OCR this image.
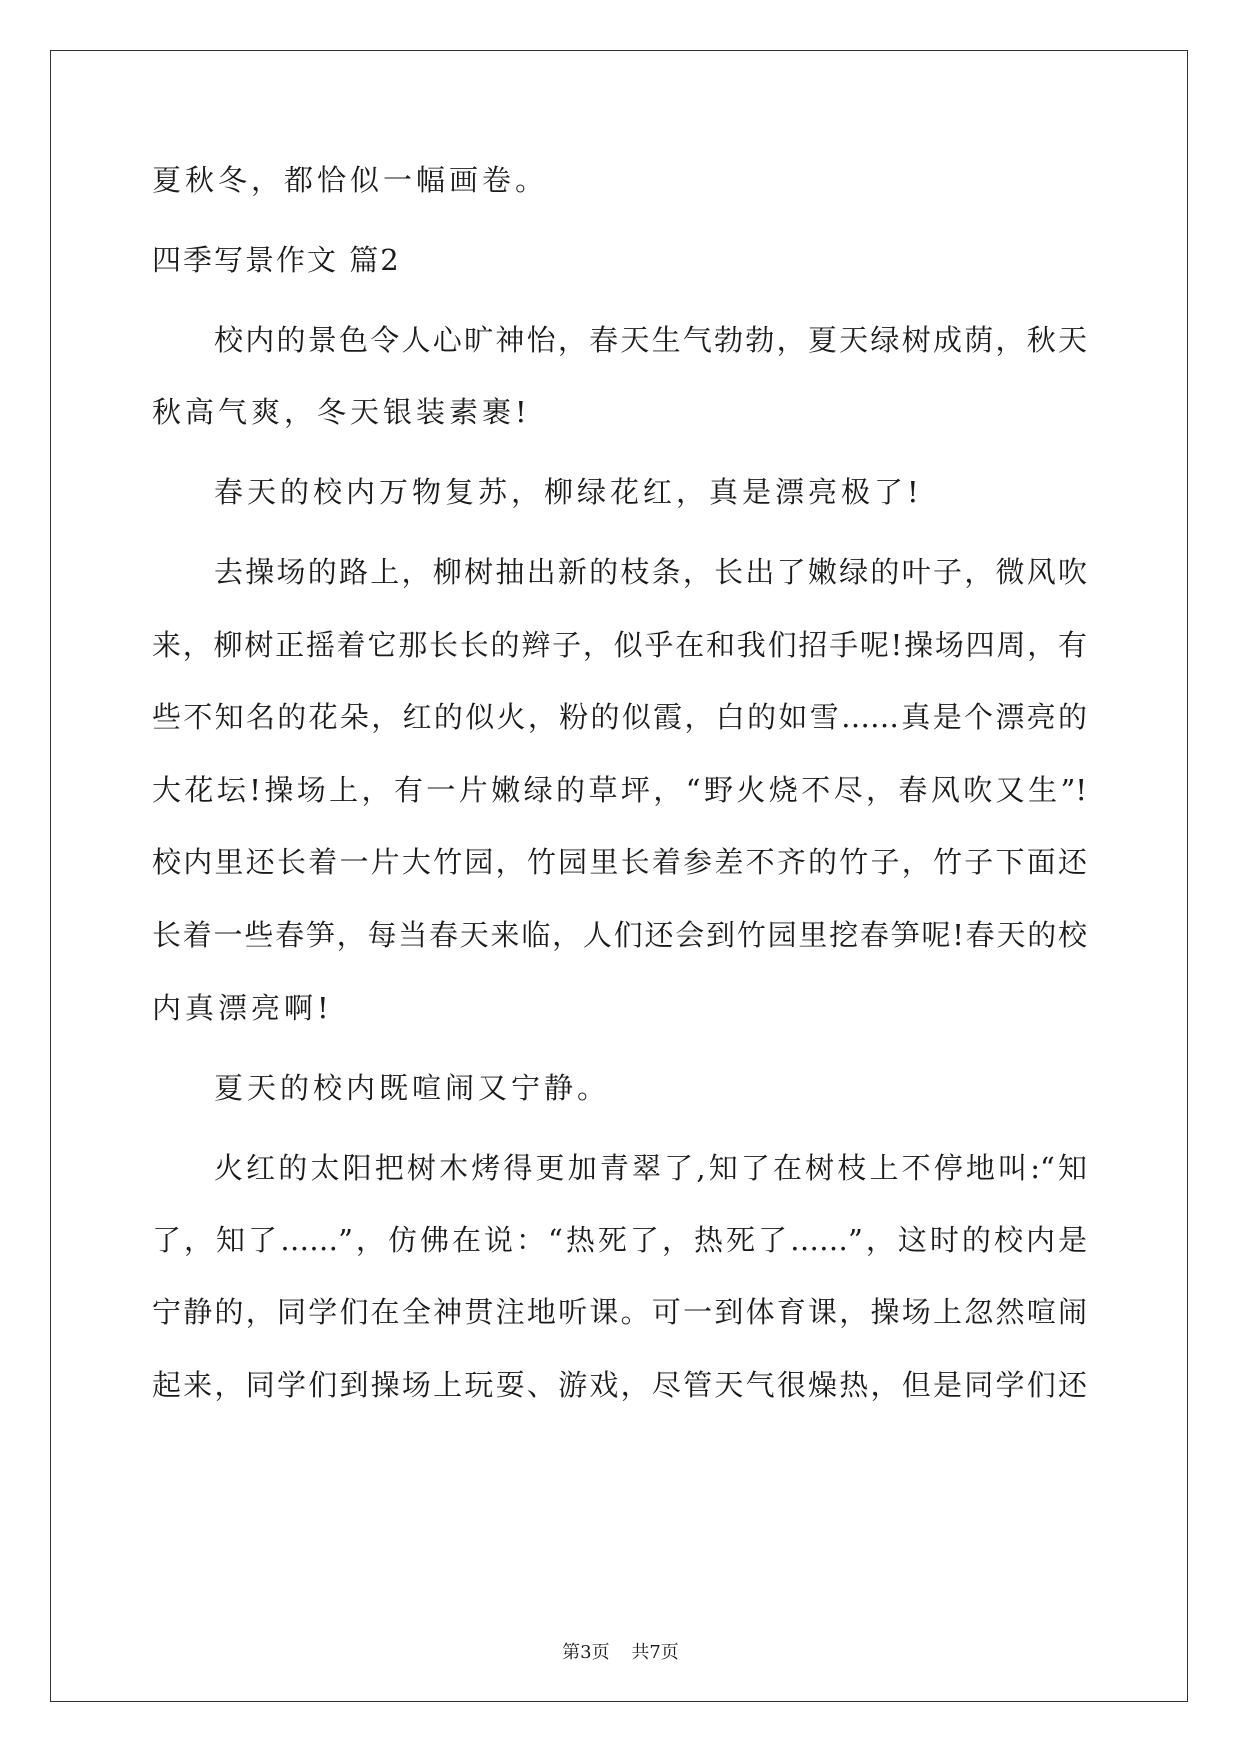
夏秋冬，都恰似一幅画卷。
四季写景作文 篇2
校内的景色令人心旷神怡，春天生气勃勃，夏天绿树成荫，秋天
秋高气爽，冬天银装素裹!
春天的校内万物复苏，柳绿花红，真是漂亮极了!
去操场的路上，柳树抽出新的枝条，长出了嫩绿的叶子，微风吹
来，柳树正摇着它那长长的辫子，似乎在和我们招手呢!操场四周，有
些不知名的花朵，红的似火，粉的似霞，白的如雪……真是个漂亮的
大花坛!操场上，有一片嫩绿的草坪，“野火烧不尽，春风吹又生”!
校内里还长着一片大竹园，竹园里长着参差不齐的竹子，竹子下面还
长着一些春笋，每当春天来临，人们还会到竹园里挖春笋呢!春天的校
内真漂亮啊!
夏天的校内既喧闹又宁静。
火红的太阳把树木烤得更加青翠了,知了在树枝上不停地叫:“知
了，知了……”，仿佛在说：“热死了，热死了……”，这时的校内是
宁静的，同学们在全神贯注地听课。可一到体育课，操场上忽然喧闹
起来，同学们到操场上玩耍、游戏，尽管天气很燥热，但是同学们还
第3页 共7页
